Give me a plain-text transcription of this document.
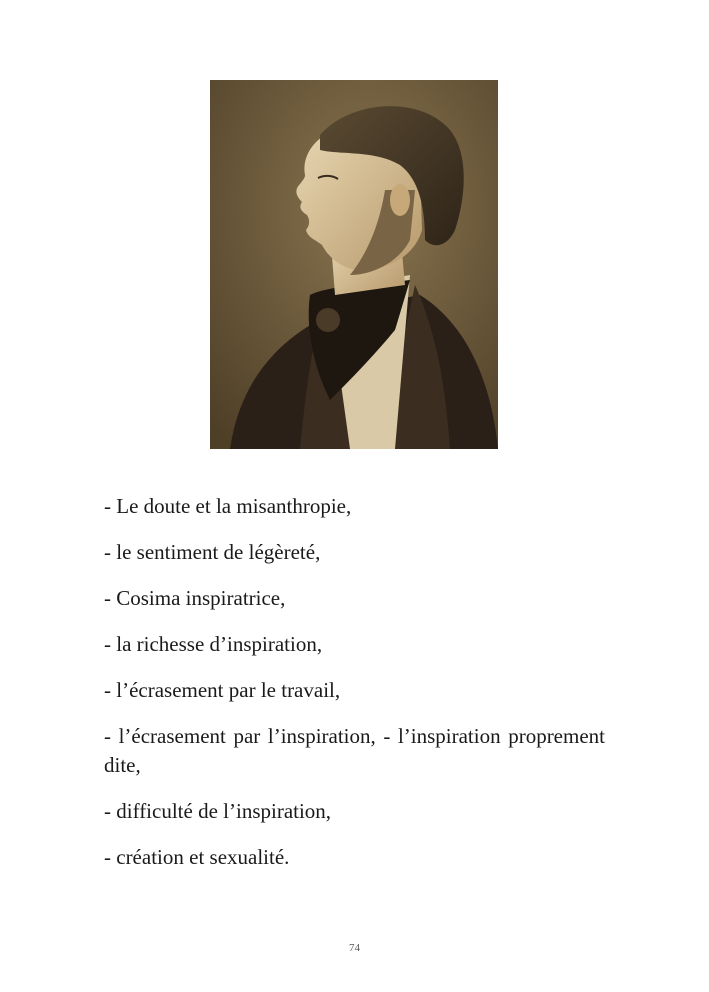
- Le doute et la misanthropie,
- le sentiment de légèreté,
- Cosima inspiratrice,
- la richesse d’inspiration,
- l’écrasement par le travail,
- l’écrasement par l’inspiration, - l’inspiration proprement dite,
- difficulté de l’inspiration,
- création et sexualité.
74
